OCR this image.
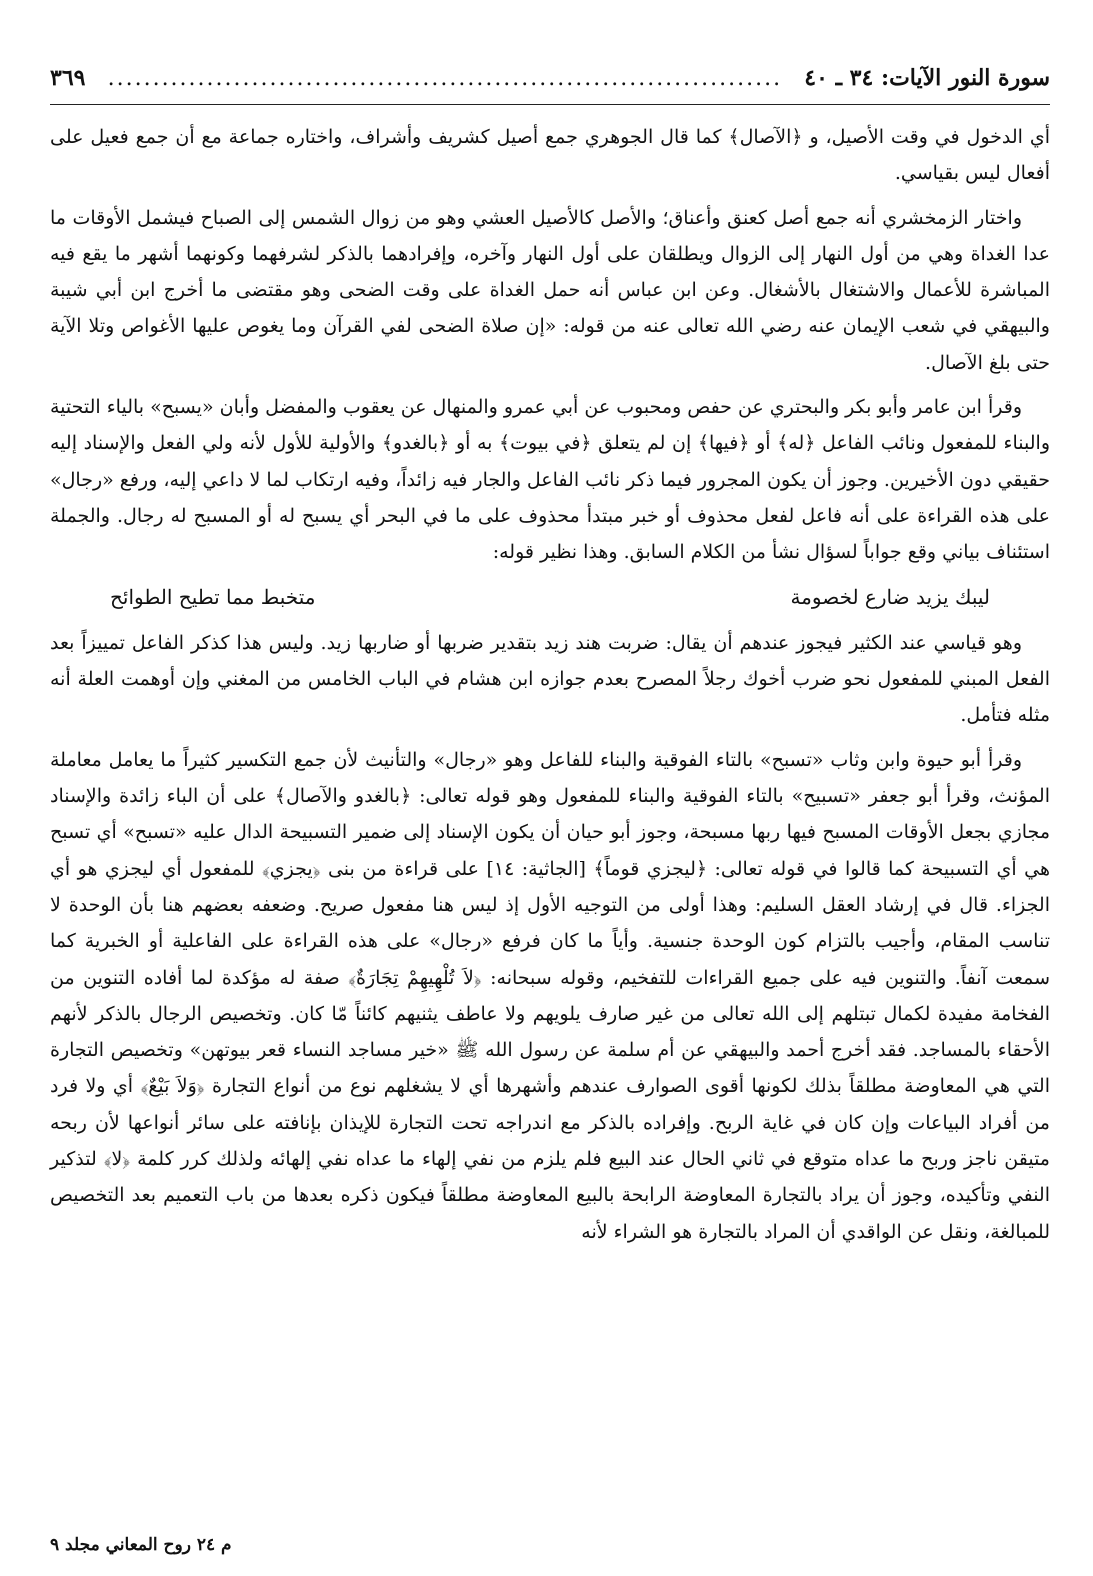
سورة النور الآيات: ٣٤ ـ ٤٠
...........................................................................
٣٦٩

أي الدخول في وقت الأصيل، و ﴿الآصال﴾ كما قال الجوهري جمع أصيل كشريف وأشراف، واختاره جماعة مع أن جمع فعيل على أفعال ليس بقياسي.

واختار الزمخشري أنه جمع أصل كعنق وأعناق؛ والأصل كالأصيل العشي وهو من زوال الشمس إلى الصباح فيشمل الأوقات ما عدا الغداة وهي من أول النهار إلى الزوال ويطلقان على أول النهار وآخره، وإفرادهما بالذكر لشرفهما وكونهما أشهر ما يقع فيه المباشرة للأعمال والاشتغال بالأشغال. وعن ابن عباس أنه حمل الغداة على وقت الضحى وهو مقتضى ما أخرج ابن أبي شيبة والبيهقي في شعب الإيمان عنه رضي الله تعالى عنه من قوله: «إن صلاة الضحى لفي القرآن وما يغوص عليها الأغواص وتلا الآية حتى بلغ الآصال.

وقرأ ابن عامر وأبو بكر والبحتري عن حفص ومحبوب عن أبي عمرو والمنهال عن يعقوب والمفضل وأبان «يسبح» بالياء التحتية والبناء للمفعول ونائب الفاعل ﴿له﴾ أو ﴿فيها﴾ إن لم يتعلق ﴿في بيوت﴾ به أو ﴿بالغدو﴾ والأولية للأول لأنه ولي الفعل والإسناد إليه حقيقي دون الأخيرين. وجوز أن يكون المجرور فيما ذكر نائب الفاعل والجار فيه زائداً، وفيه ارتكاب لما لا داعي إليه، ورفع «رجال» على هذه القراءة على أنه فاعل لفعل محذوف أو خبر مبتدأ محذوف على ما في البحر أي يسبح له أو المسبح له رجال. والجملة استئناف بياني وقع جواباً لسؤال نشأ من الكلام السابق. وهذا نظير قوله:

ليبك يزيد ضارع لخصومة
متخبط مما تطيح الطوائح

وهو قياسي عند الكثير فيجوز عندهم أن يقال: ضربت هند زيد بتقدير ضربها أو ضاربها زيد. وليس هذا كذكر الفاعل تمييزاً بعد الفعل المبني للمفعول نحو ضرب أخوك رجلاً المصرح بعدم جوازه ابن هشام في الباب الخامس من المغني وإن أوهمت العلة أنه مثله فتأمل.

وقرأ أبو حيوة وابن وثاب «تسبح» بالتاء الفوقية والبناء للفاعل وهو «رجال» والتأنيث لأن جمع التكسير كثيراً ما يعامل معاملة المؤنث، وقرأ أبو جعفر «تسبيح» بالتاء الفوقية والبناء للمفعول وهو قوله تعالى: ﴿بالغدو والآصال﴾ على أن الباء زائدة والإسناد مجازي بجعل الأوقات المسبح فيها ربها مسبحة، وجوز أبو حيان أن يكون الإسناد إلى ضمير التسبيحة الدال عليه «تسبح» أي تسبح هي أي التسبيحة كما قالوا في قوله تعالى: ﴿ليجزي قوماً﴾ [الجاثية: ١٤] على قراءة من بنى ﴿يجزي﴾ للمفعول أي ليجزي هو أي الجزاء. قال في إرشاد العقل السليم: وهذا أولى من التوجيه الأول إذ ليس هنا مفعول صريح. وضعفه بعضهم هنا بأن الوحدة لا تناسب المقام، وأجيب بالتزام كون الوحدة جنسية. وأياً ما كان فرفع «رجال» على هذه القراءة على الفاعلية أو الخبرية كما سمعت آنفاً. والتنوين فيه على جميع القراءات للتفخيم، وقوله سبحانه: ﴿لاَ تُلْهِيهِمْ تِجَارَةٌ﴾ صفة له مؤكدة لما أفاده التنوين من الفخامة مفيدة لكمال تبتلهم إلى الله تعالى من غير صارف يلويهم ولا عاطف يثنيهم كائناً مّا كان. وتخصيص الرجال بالذكر لأنهم الأحقاء بالمساجد. فقد أخرج أحمد والبيهقي عن أم سلمة عن رسول الله ﷺ «خير مساجد النساء قعر بيوتهن» وتخصيص التجارة التي هي المعاوضة مطلقاً بذلك لكونها أقوى الصوارف عندهم وأشهرها أي لا يشغلهم نوع من أنواع التجارة ﴿وَلاَ بَيْعٌ﴾ أي ولا فرد من أفراد البياعات وإن كان في غاية الربح. وإفراده بالذكر مع اندراجه تحت التجارة للإيذان بإنافته على سائر أنواعها لأن ربحه متيقن ناجز وربح ما عداه متوقع في ثاني الحال عند البيع فلم يلزم من نفي إلهاء ما عداه نفي إلهائه ولذلك كرر كلمة ﴿لا﴾ لتذكير النفي وتأكيده، وجوز أن يراد بالتجارة المعاوضة الرابحة بالبيع المعاوضة مطلقاً فيكون ذكره بعدها من باب التعميم بعد التخصيص للمبالغة، ونقل عن الواقدي أن المراد بالتجارة هو الشراء لأنه

م ٢٤ روح المعاني مجلد ٩
